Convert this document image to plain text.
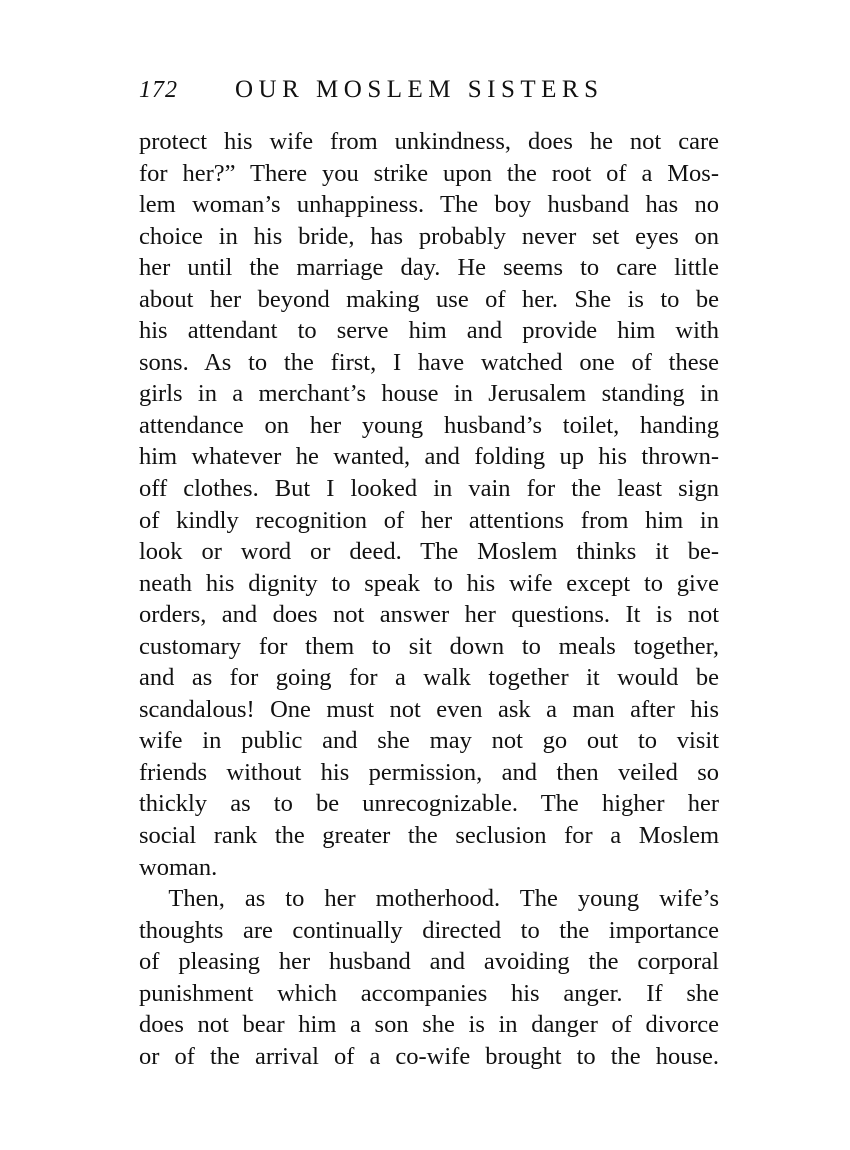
172 OUR MOSLEM SISTERS
protect his wife from unkindness, does he not care
for her?” There you strike upon the root of a Mos-
lem woman’s unhappiness. The boy husband has no
choice in his bride, has probably never set eyes on
her until the marriage day. He seems to care little
about her beyond making use of her. She is to be
his attendant to serve him and provide him with
sons. As to the first, I have watched one of these
girls in a merchant’s house in Jerusalem standing in
attendance on her young husband’s toilet, handing
him whatever he wanted, and folding up his thrown-
off clothes. But I looked in vain for the least sign
of kindly recognition of her attentions from him in
look or word or deed. The Moslem thinks it be-
neath his dignity to speak to his wife except to give
orders, and does not answer her questions. It is not
customary for them to sit down to meals together,
and as for going for a walk together it would be
scandalous! One must not even ask a man after his
wife in public and she may not go out to visit
friends without his permission, and then veiled so
thickly as to be unrecognizable. The higher her
social rank the greater the seclusion for a Moslem
woman.
Then, as to her motherhood. The young wife’s
thoughts are continually directed to the importance
of pleasing her husband and avoiding the corporal
punishment which accompanies his anger. If she
does not bear him a son she is in danger of divorce
or of the arrival of a co-wife brought to the house.
